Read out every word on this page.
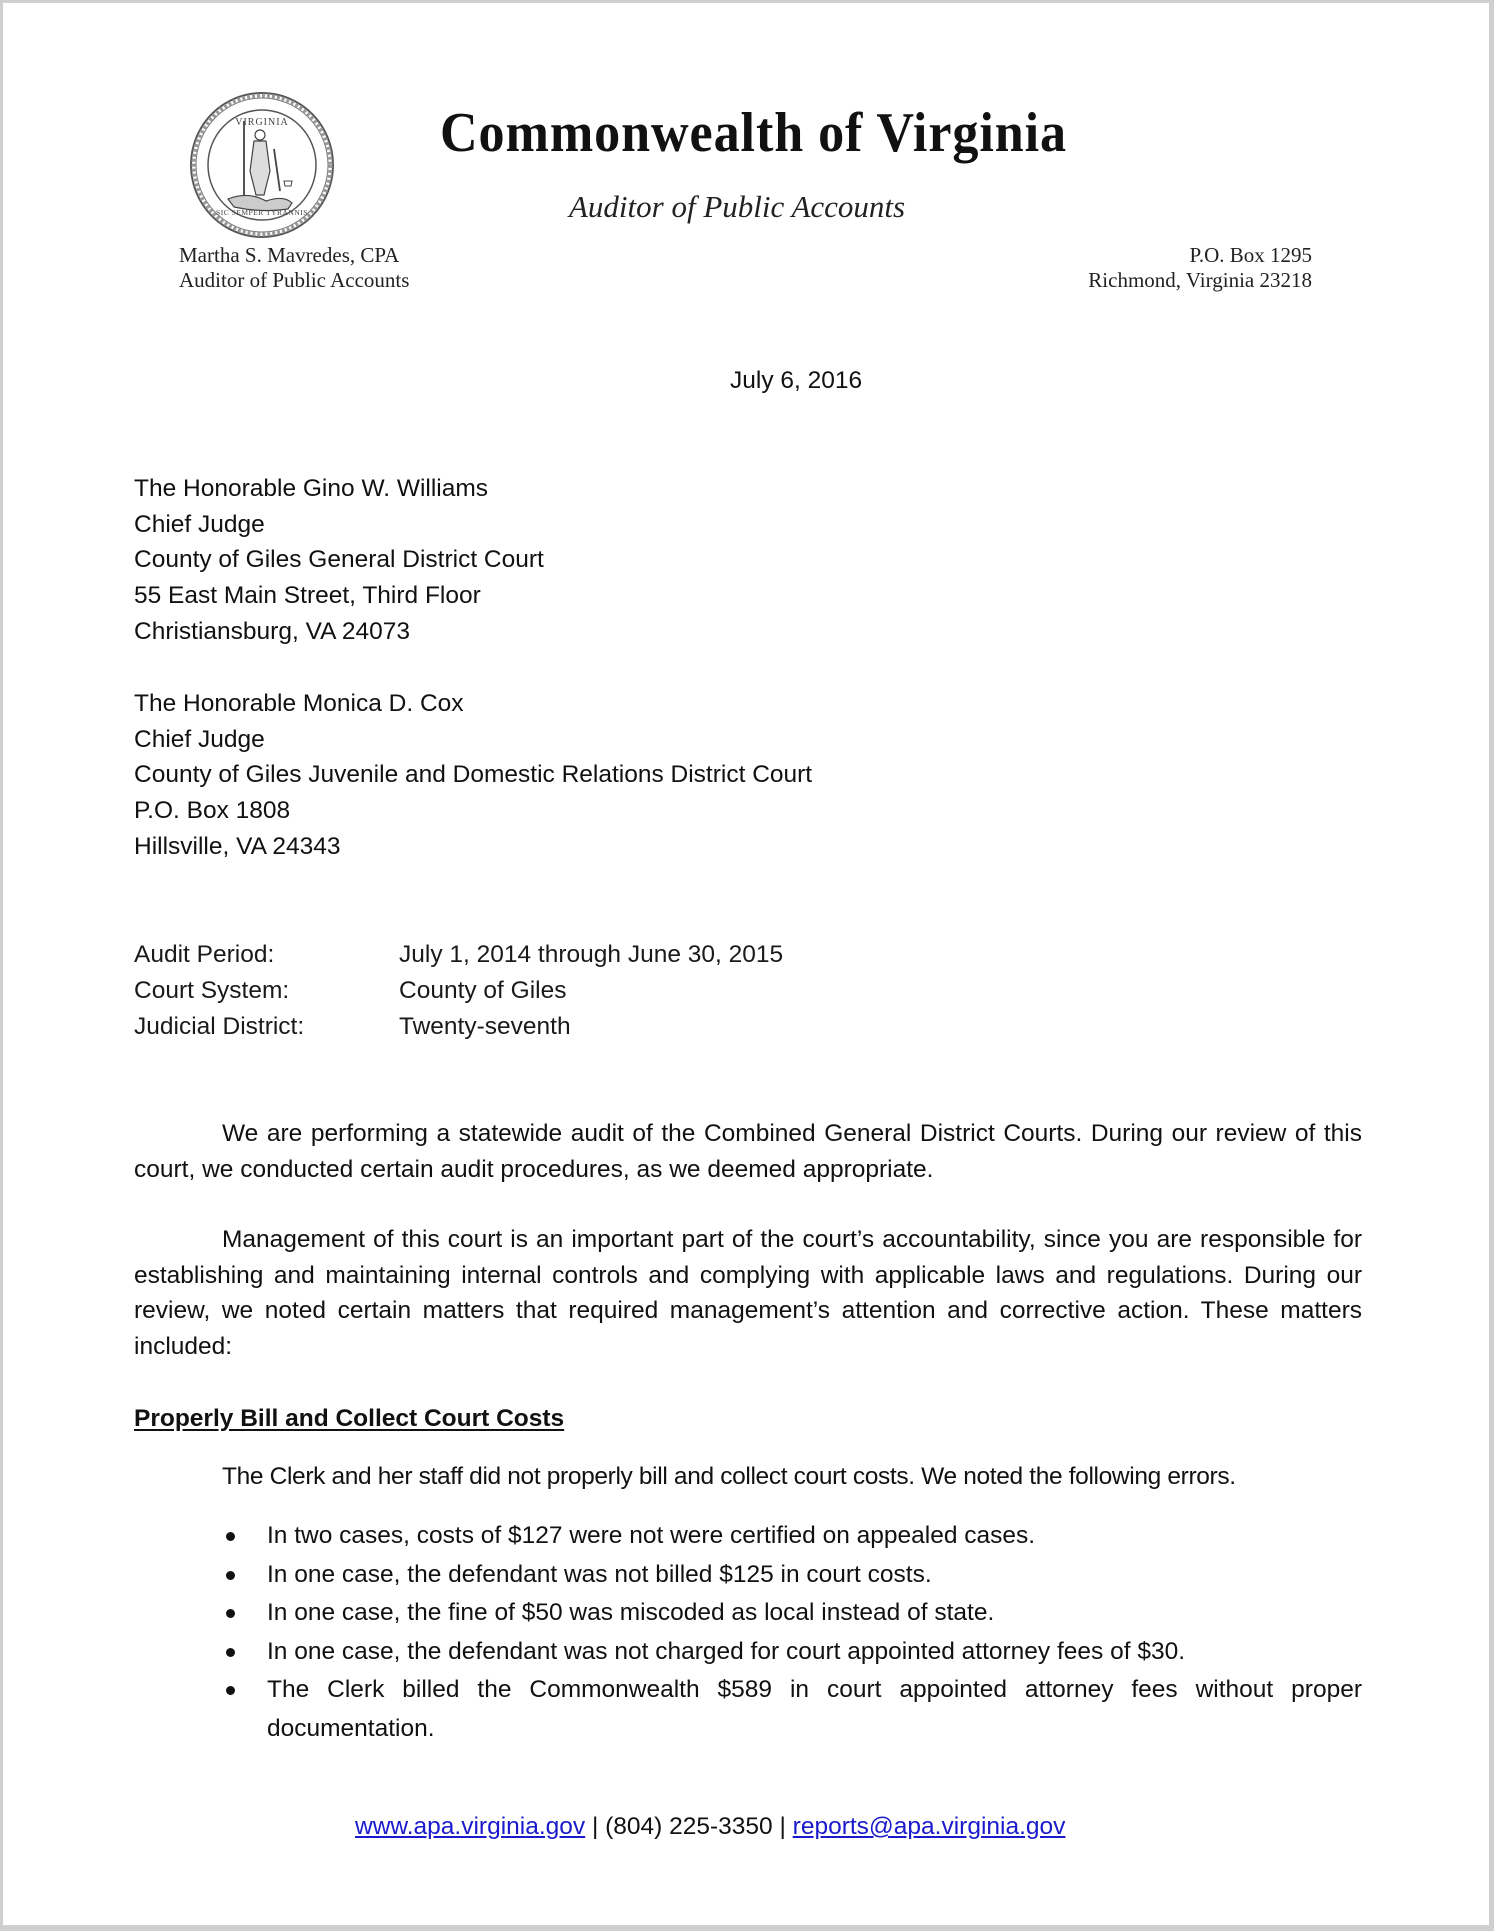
VIRGINIA
SIC SEMPER TYRANNIS
Commonwealth of Virginia
Auditor of Public Accounts
Martha S. Mavredes, CPA
Auditor of Public Accounts
P.O. Box 1295
Richmond, Virginia 23218
July 6, 2016
The Honorable Gino W. Williams
Chief Judge
County of Giles General District Court
55 East Main Street, Third Floor
Christiansburg, VA 24073
The Honorable Monica D. Cox
Chief Judge
County of Giles Juvenile and Domestic Relations District Court
P.O. Box 1808
Hillsville, VA 24343
Audit Period:	July 1, 2014 through June 30, 2015
Court System:	County of Giles
Judicial District:	Twenty-seventh
We are performing a statewide audit of the Combined General District Courts. During our review of this court, we conducted certain audit procedures, as we deemed appropriate.
Management of this court is an important part of the court’s accountability, since you are responsible for establishing and maintaining internal controls and complying with applicable laws and regulations. During our review, we noted certain matters that required management’s attention and corrective action. These matters included:
Properly Bill and Collect Court Costs
The Clerk and her staff did not properly bill and collect court costs. We noted the following errors.
In two cases, costs of $127 were not were certified on appealed cases.
In one case, the defendant was not billed $125 in court costs.
In one case, the fine of $50 was miscoded as local instead of state.
In one case, the defendant was not charged for court appointed attorney fees of $30.
The Clerk billed the Commonwealth $589 in court appointed attorney fees without proper documentation.
www.apa.virginia.gov | (804) 225-3350 | reports@apa.virginia.gov
